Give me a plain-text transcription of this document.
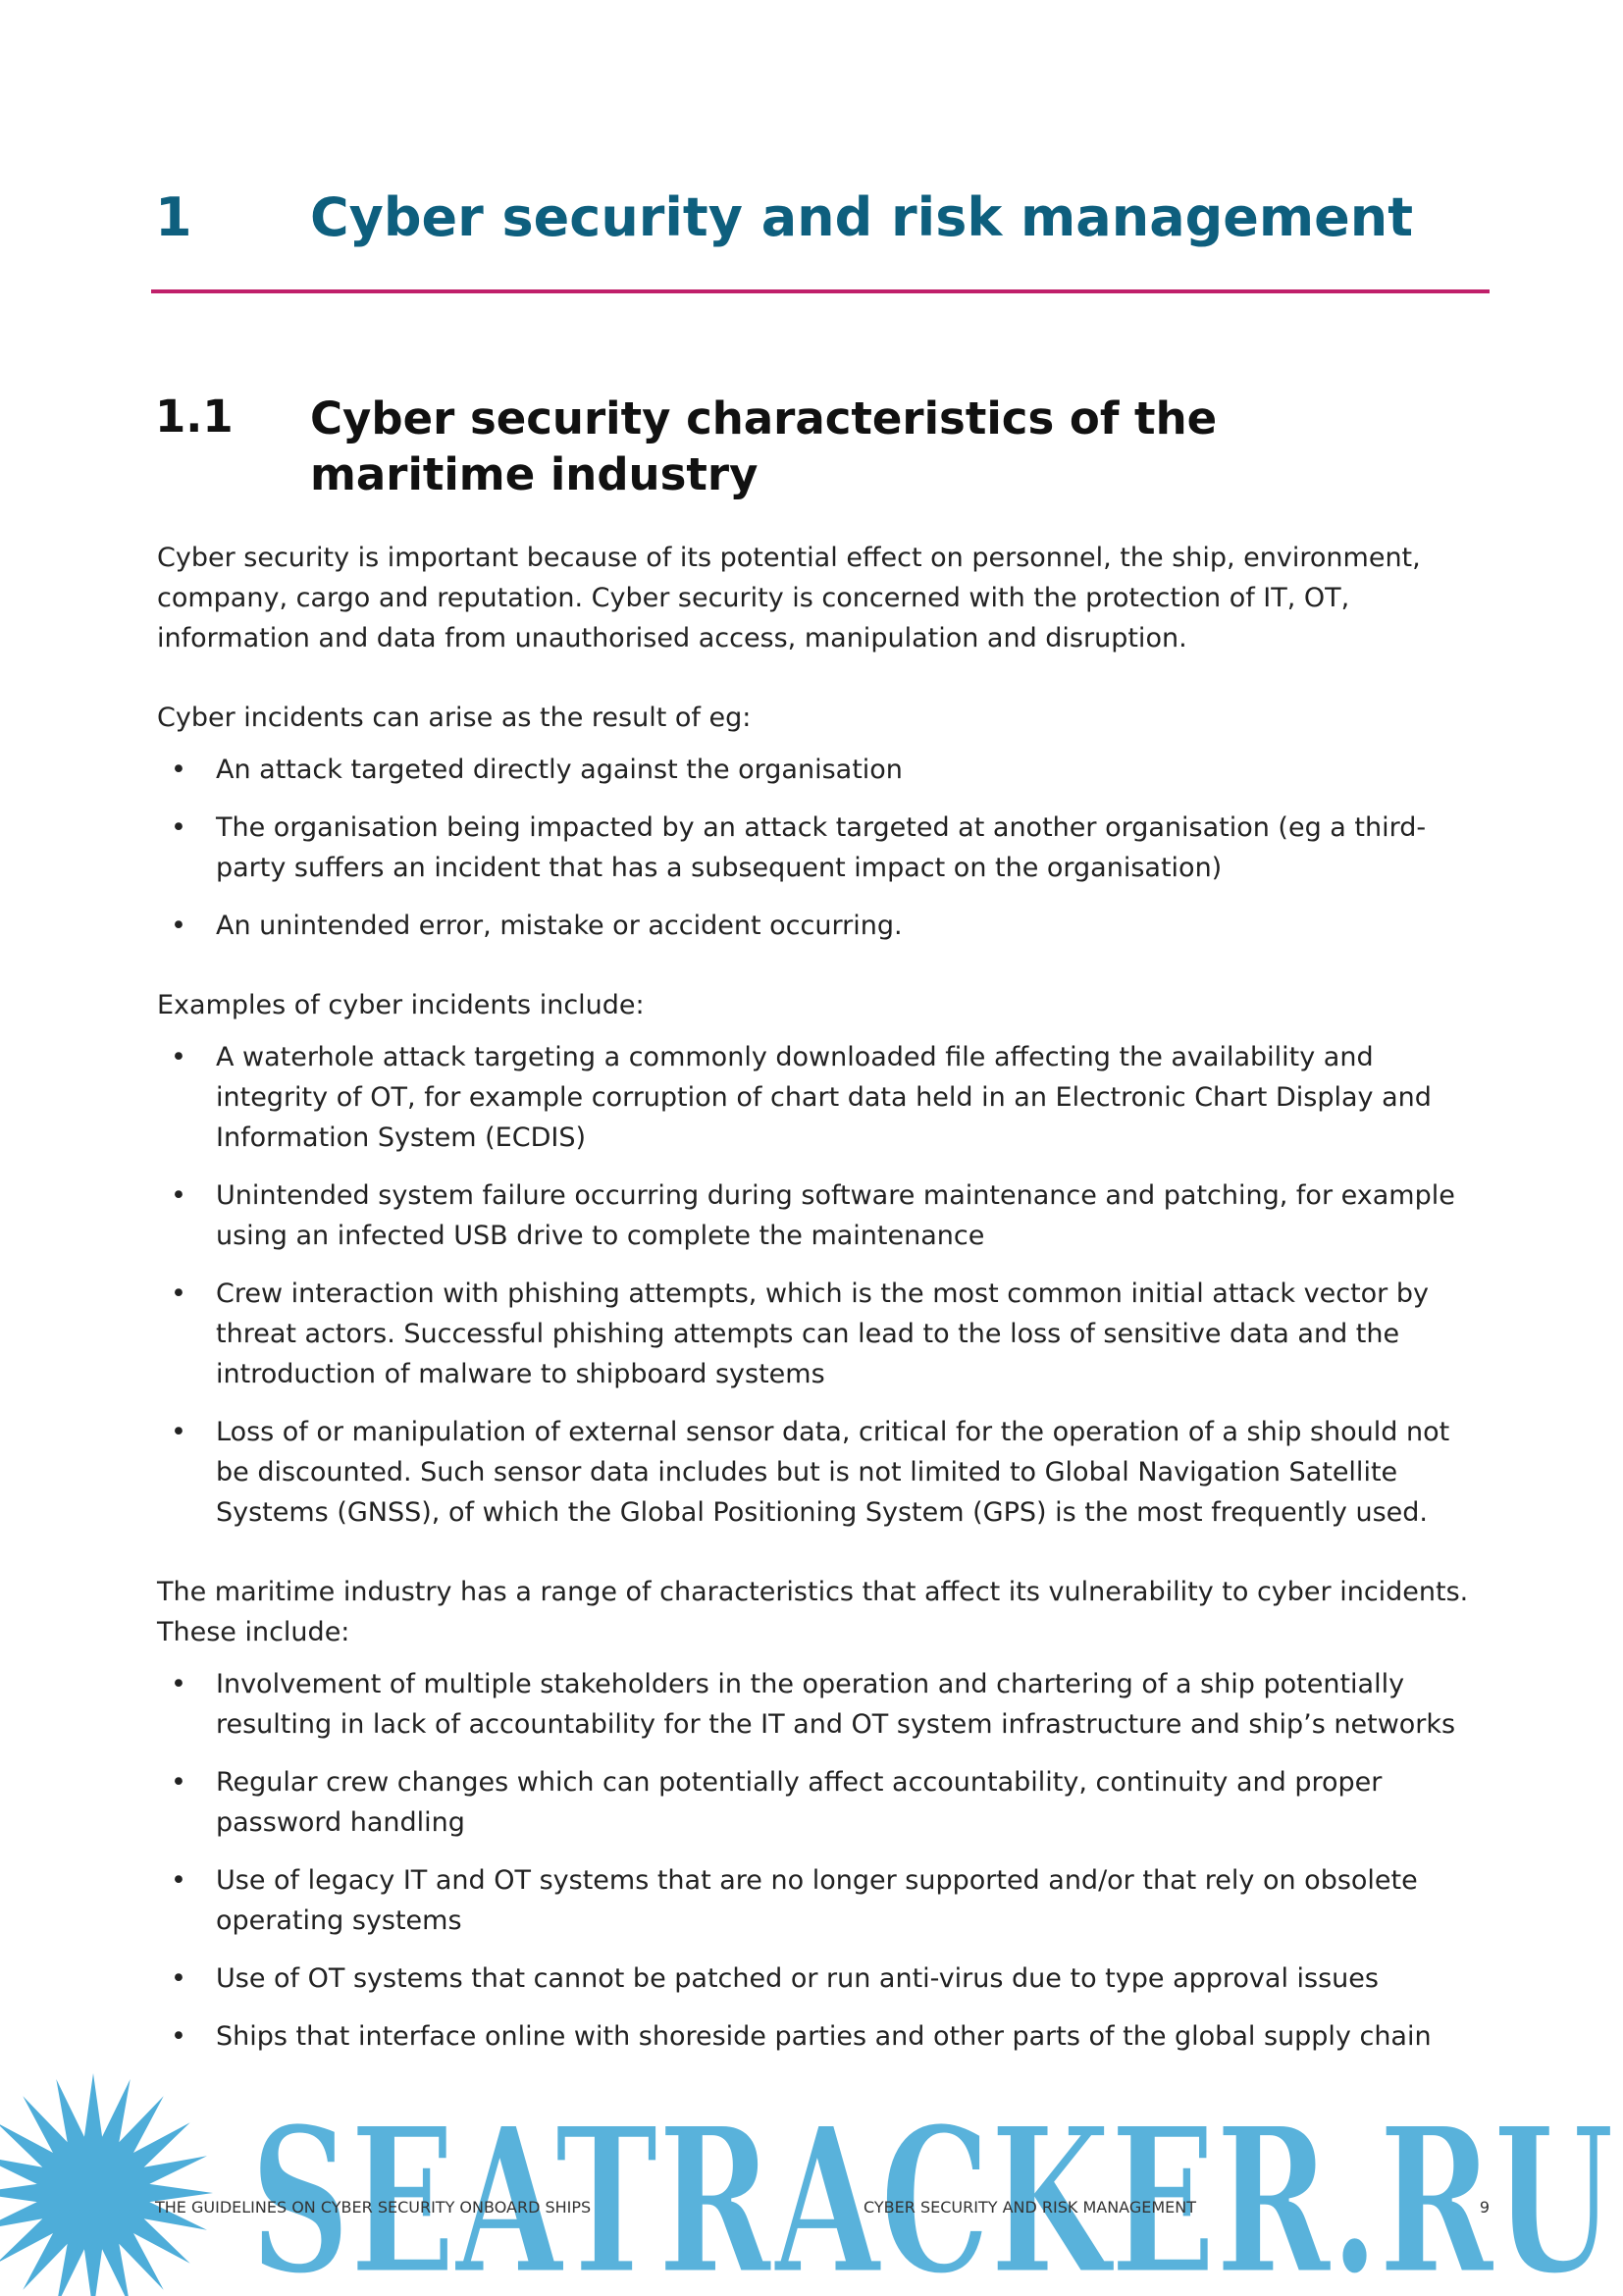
1 Cyber security and risk management
1.1 Cyber security characteristics of the maritime industry

Cyber security is important because of its potential effect on personnel, the ship, environment, company, cargo and reputation. Cyber security is concerned with the protection of IT, OT, information and data from unauthorised access, manipulation and disruption.

Cyber incidents can arise as the result of eg:

• An attack targeted directly against the organisation
• The organisation being impacted by an attack targeted at another organisation (eg a third-party suffers an incident that has a subsequent impact on the organisation)
• An unintended error, mistake or accident occurring.

Examples of cyber incidents include:

• A waterhole attack targeting a commonly downloaded file affecting the availability and integrity of OT, for example corruption of chart data held in an Electronic Chart Display and Information System (ECDIS)
• Unintended system failure occurring during software maintenance and patching, for example using an infected USB drive to complete the maintenance
• Crew interaction with phishing attempts, which is the most common initial attack vector by threat actors. Successful phishing attempts can lead to the loss of sensitive data and the introduction of malware to shipboard systems
• Loss of or manipulation of external sensor data, critical for the operation of a ship should not be discounted. Such sensor data includes but is not limited to Global Navigation Satellite Systems (GNSS), of which the Global Positioning System (GPS) is the most frequently used.

The maritime industry has a range of characteristics that affect its vulnerability to cyber incidents. These include:

• Involvement of multiple stakeholders in the operation and chartering of a ship potentially resulting in lack of accountability for the IT and OT system infrastructure and ship’s networks
• Regular crew changes which can potentially affect accountability, continuity and proper password handling
• Use of legacy IT and OT systems that are no longer supported and/or that rely on obsolete operating systems
• Use of OT systems that cannot be patched or run anti-virus due to type approval issues
• Ships that interface online with shoreside parties and other parts of the global supply chain
SEATRACKER.RU
THE GUIDELINES ON CYBER SECURITY ONBOARD SHIPS	CYBER SECURITY AND RISK MANAGEMENT	9
